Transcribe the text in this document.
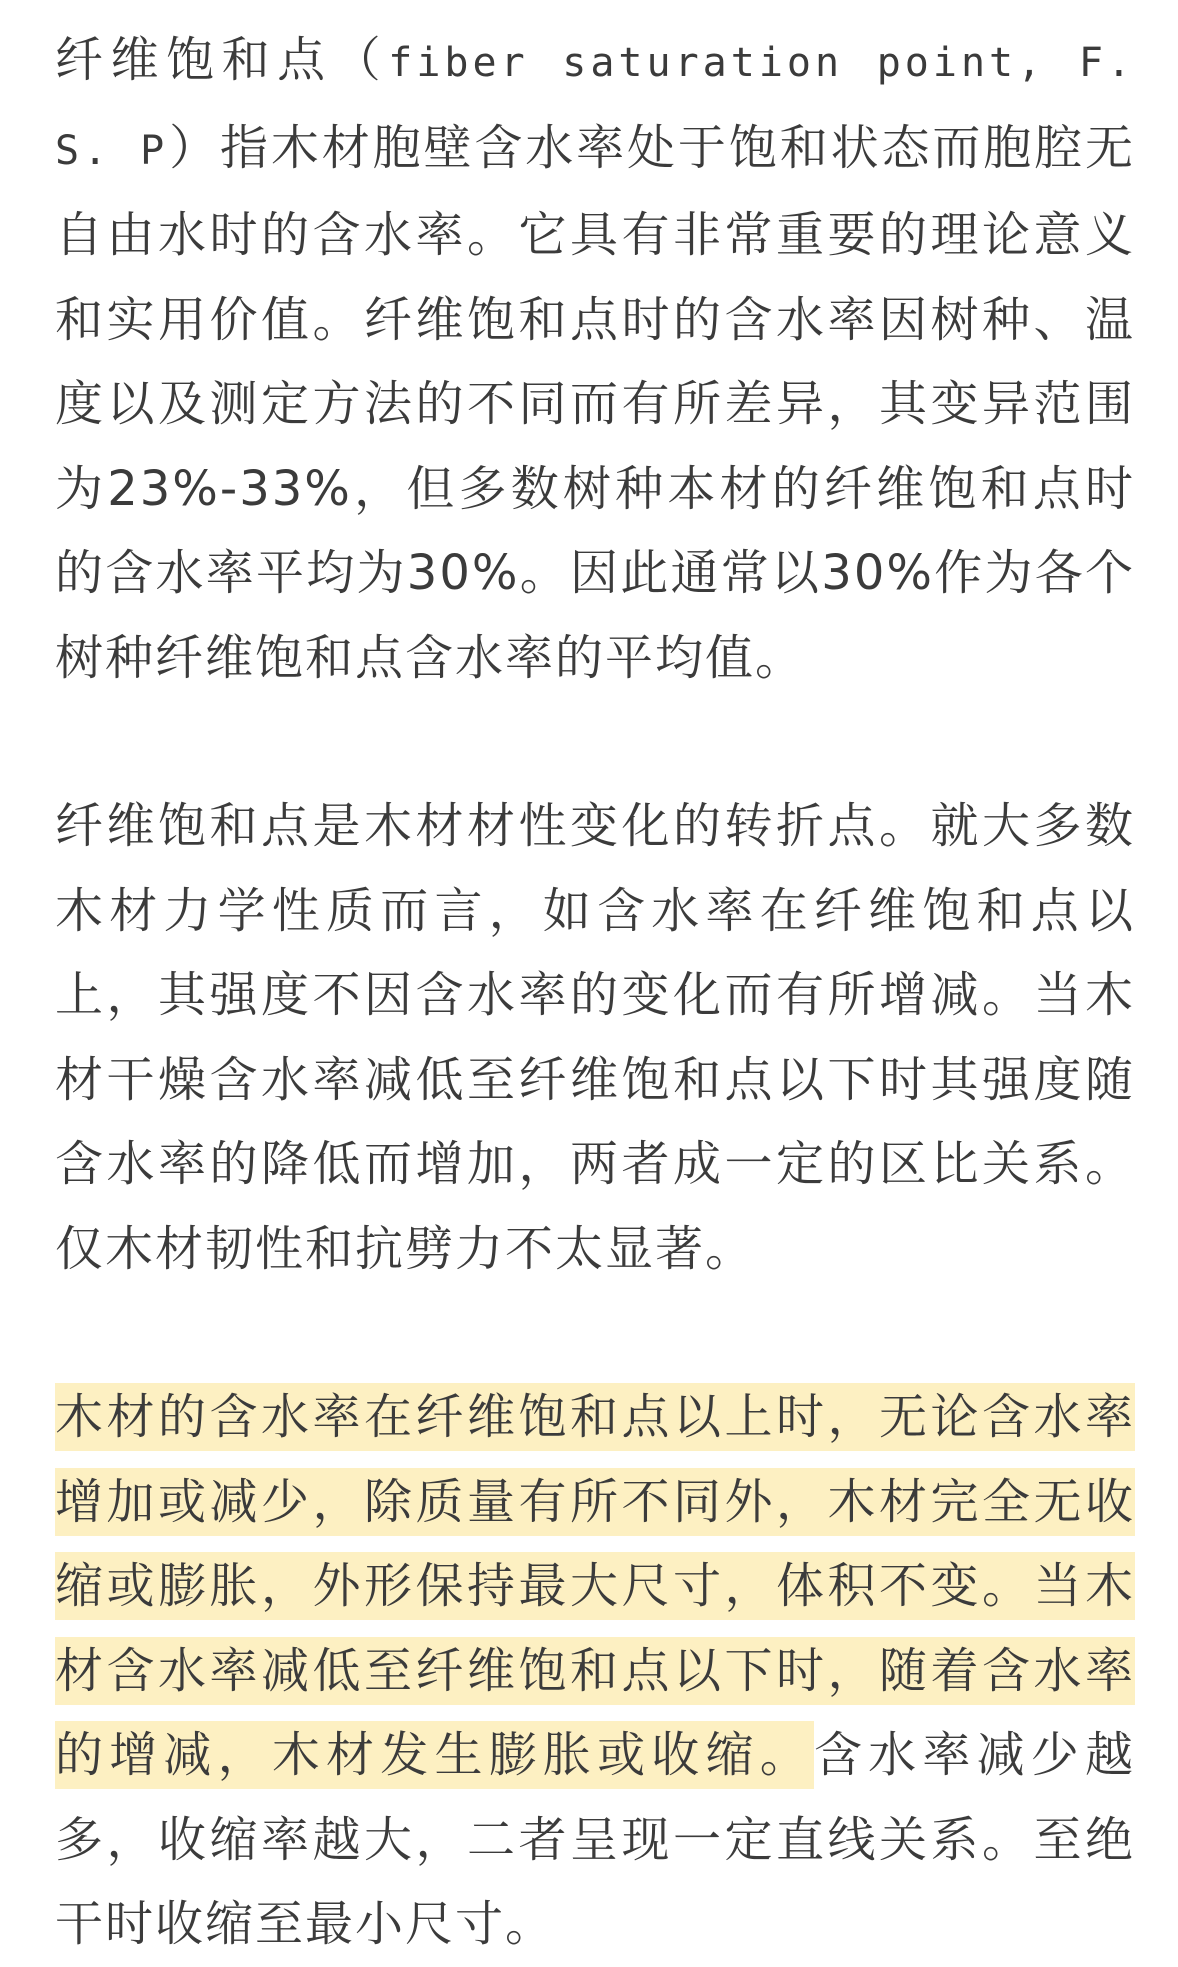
纤维饱和点（fiber saturation point, F. S. P）指木材胞壁含水率处于饱和状态而胞腔无自由水时的含水率。它具有非常重要的理论意义和实用价值。纤维饱和点时的含水率因树种、温度以及测定方法的不同而有所差异，其变异范围为23%-33%，但多数树种本材的纤维饱和点时的含水率平均为30%。因此通常以30%作为各个树种纤维饱和点含水率的平均值。

纤维饱和点是木材材性变化的转折点。就大多数木材力学性质而言，如含水率在纤维饱和点以上，其强度不因含水率的变化而有所增减。当木材干燥含水率减低至纤维饱和点以下时其强度随含水率的降低而增加，两者成一定的区比关系。仅木材韧性和抗劈力不太显著。

木材的含水率在纤维饱和点以上时，无论含水率增加或减少，除质量有所不同外，木材完全无收缩或膨胀，外形保持最大尺寸，体积不变。当木材含水率减低至纤维饱和点以下时，随着含水率的增减，木材发生膨胀或收缩。含水率减少越多，收缩率越大，二者呈现一定直线关系。至绝干时收缩至最小尺寸。
